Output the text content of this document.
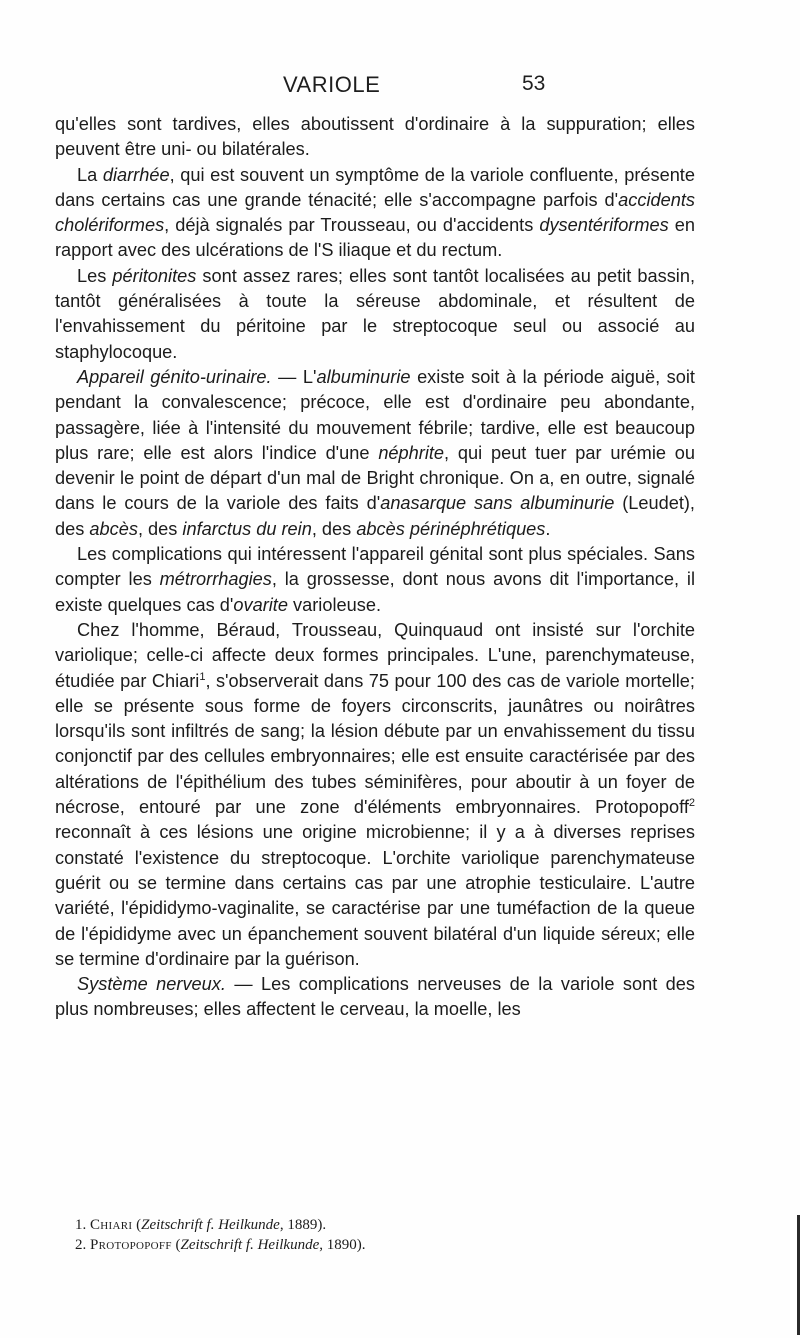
VARIOLE	53

qu'elles sont tardives, elles aboutissent d'ordinaire à la suppuration; elles peuvent être uni- ou bilatérales.

La diarrhée, qui est souvent un symptôme de la variole confluente, présente dans certains cas une grande ténacité; elle s'accompagne parfois d'accidents cholériformes, déjà signalés par Trousseau, ou d'accidents dysentériformes en rapport avec des ulcérations de l'S iliaque et du rectum.

Les péritonites sont assez rares; elles sont tantôt localisées au petit bassin, tantôt généralisées à toute la séreuse abdominale, et résultent de l'envahissement du péritoine par le streptocoque seul ou associé au staphylocoque.

Appareil génito-urinaire. — L'albuminurie existe soit à la période aiguë, soit pendant la convalescence; précoce, elle est d'ordinaire peu abondante, passagère, liée à l'intensité du mouvement fébrile; tardive, elle est beaucoup plus rare; elle est alors l'indice d'une néphrite, qui peut tuer par urémie ou devenir le point de départ d'un mal de Bright chronique. On a, en outre, signalé dans le cours de la variole des faits d'anasarque sans albuminurie (Leudet), des abcès, des infarctus du rein, des abcès périnéphrétiques.

Les complications qui intéressent l'appareil génital sont plus spéciales. Sans compter les métrorrhagies, la grossesse, dont nous avons dit l'importance, il existe quelques cas d'ovarite varioleuse.

Chez l'homme, Béraud, Trousseau, Quinquaud ont insisté sur l'orchite variolique; celle-ci affecte deux formes principales. L'une, parenchymateuse, étudiée par Chiari$^1$, s'observerait dans 75 pour 100 des cas de variole mortelle; elle se présente sous forme de foyers circonscrits, jaunâtres ou noirâtres lorsqu'ils sont infiltrés de sang; la lésion débute par un envahissement du tissu conjonctif par des cellules embryonnaires; elle est ensuite caractérisée par des altérations de l'épithélium des tubes séminifères, pour aboutir à un foyer de nécrose, entouré par une zone d'éléments embryonnaires. Protopopoff$^2$ reconnaît à ces lésions une origine microbienne; il y a à diverses reprises constaté l'existence du streptocoque. L'orchite variolique parenchymateuse guérit ou se termine dans certains cas par une atrophie testiculaire. L'autre variété, l'épididymo-vaginalite, se caractérise par une tuméfaction de la queue de l'épididyme avec un épanchement souvent bilatéral d'un liquide séreux; elle se termine d'ordinaire par la guérison.

Système nerveux. — Les complications nerveuses de la variole sont des plus nombreuses; elles affectent le cerveau, la moelle, les

1. Chiari (Zeitschrift f. Heilkunde, 1889).

2. Protopopoff (Zeitschrift f. Heilkunde, 1890).
